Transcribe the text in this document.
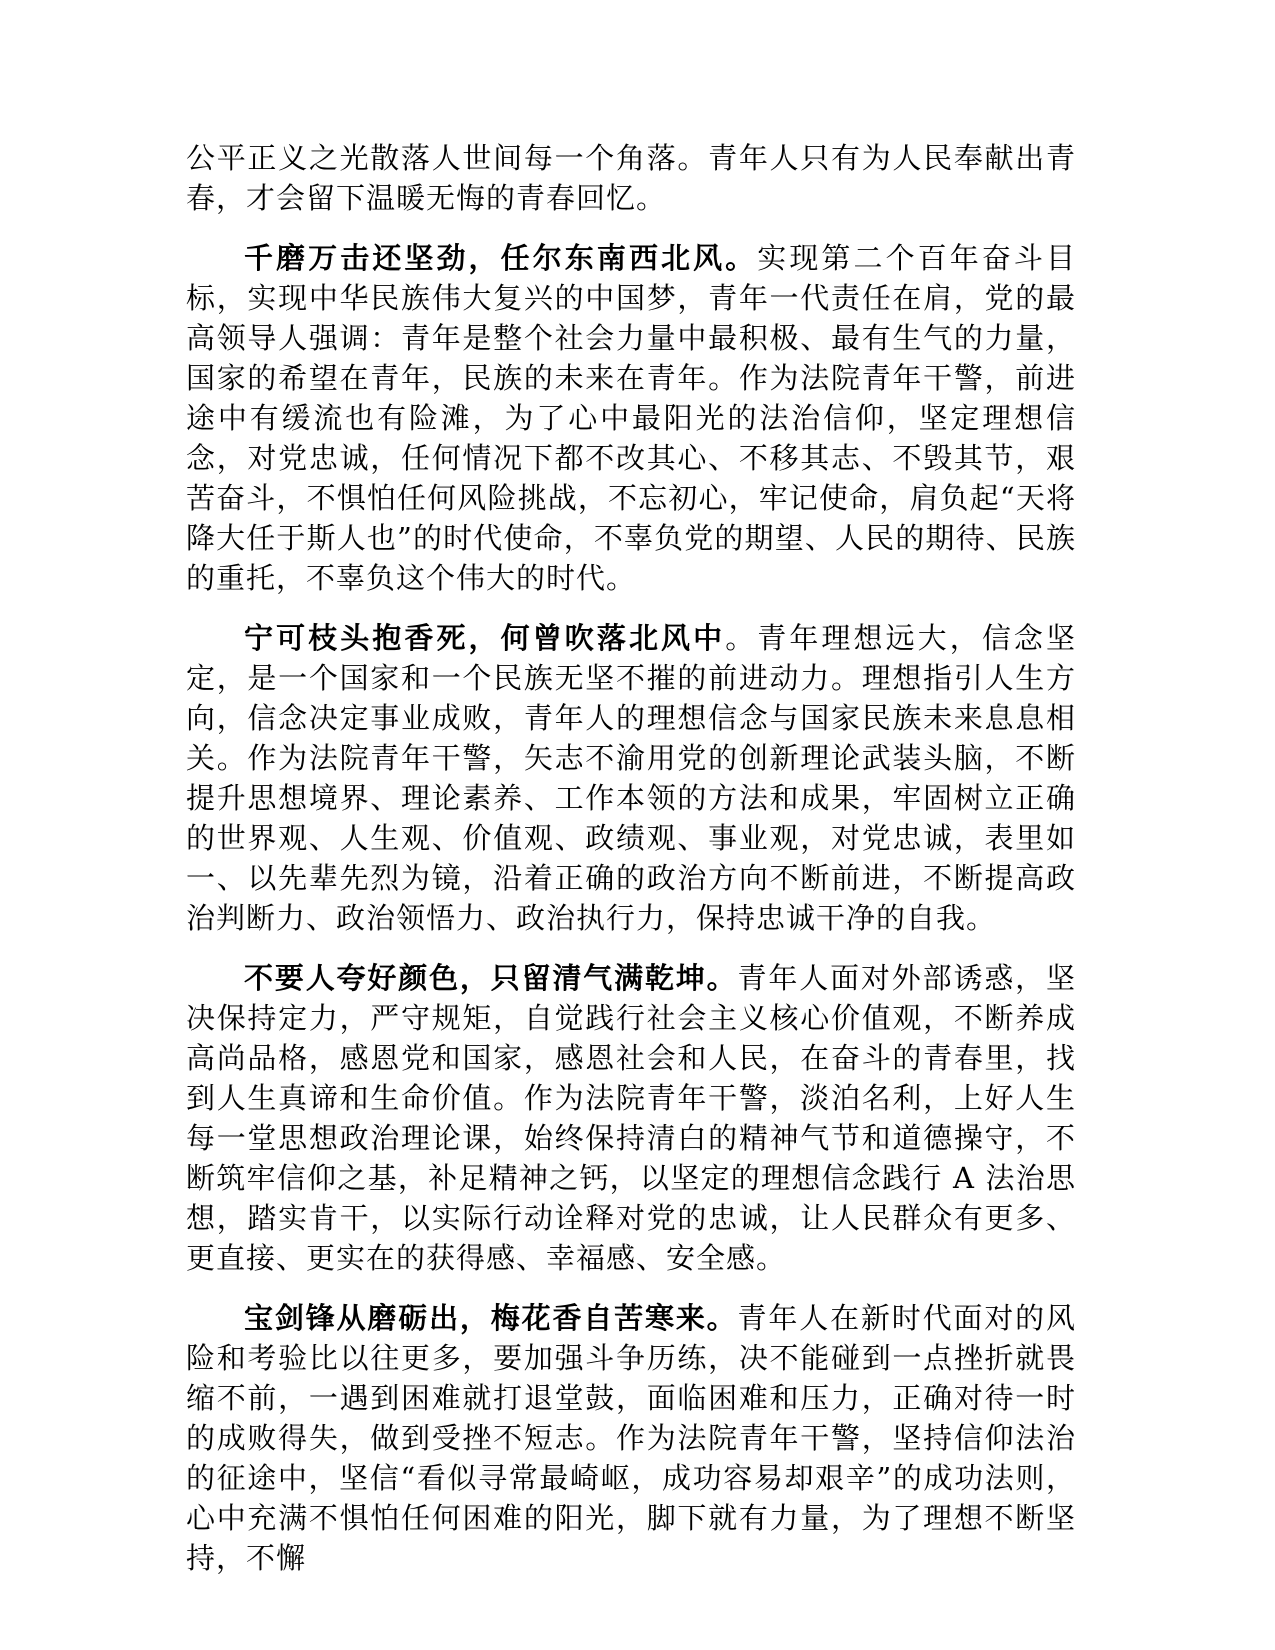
公平正义之光散落人世间每一个角落。青年人只有为人民奉献出青春，才会留下温暖无悔的青春回忆。

千磨万击还坚劲，任尔东南西北风。实现第二个百年奋斗目标，实现中华民族伟大复兴的中国梦，青年一代责任在肩，党的最高领导人强调：青年是整个社会力量中最积极、最有生气的力量，国家的希望在青年，民族的未来在青年。作为法院青年干警，前进途中有缓流也有险滩，为了心中最阳光的法治信仰，坚定理想信念，对党忠诚，任何情况下都不改其心、不移其志、不毁其节，艰苦奋斗，不惧怕任何风险挑战，不忘初心，牢记使命，肩负起“天将降大任于斯人也”的时代使命，不辜负党的期望、人民的期待、民族的重托，不辜负这个伟大的时代。

宁可枝头抱香死，何曾吹落北风中。青年理想远大，信念坚定，是一个国家和一个民族无坚不摧的前进动力。理想指引人生方向，信念决定事业成败，青年人的理想信念与国家民族未来息息相关。作为法院青年干警，矢志不渝用党的创新理论武装头脑，不断提升思想境界、理论素养、工作本领的方法和成果，牢固树立正确的世界观、人生观、价值观、政绩观、事业观，对党忠诚，表里如一、以先辈先烈为镜，沿着正确的政治方向不断前进，不断提高政治判断力、政治领悟力、政治执行力，保持忠诚干净的自我。

不要人夸好颜色，只留清气满乾坤。青年人面对外部诱惑，坚决保持定力，严守规矩，自觉践行社会主义核心价值观，不断养成高尚品格，感恩党和国家，感恩社会和人民，在奋斗的青春里，找到人生真谛和生命价值。作为法院青年干警，淡泊名利，上好人生每一堂思想政治理论课，始终保持清白的精神气节和道德操守，不断筑牢信仰之基，补足精神之钙，以坚定的理想信念践行 A 法治思想，踏实肯干，以实际行动诠释对党的忠诚，让人民群众有更多、更直接、更实在的获得感、幸福感、安全感。

宝剑锋从磨砺出，梅花香自苦寒来。青年人在新时代面对的风险和考验比以往更多，要加强斗争历练，决不能碰到一点挫折就畏缩不前，一遇到困难就打退堂鼓，面临困难和压力，正确对待一时的成败得失，做到受挫不短志。作为法院青年干警，坚持信仰法治的征途中，坚信“看似寻常最崎岖，成功容易却艰辛”的成功法则，心中充满不惧怕任何困难的阳光，脚下就有力量，为了理想不断坚持，不懈
